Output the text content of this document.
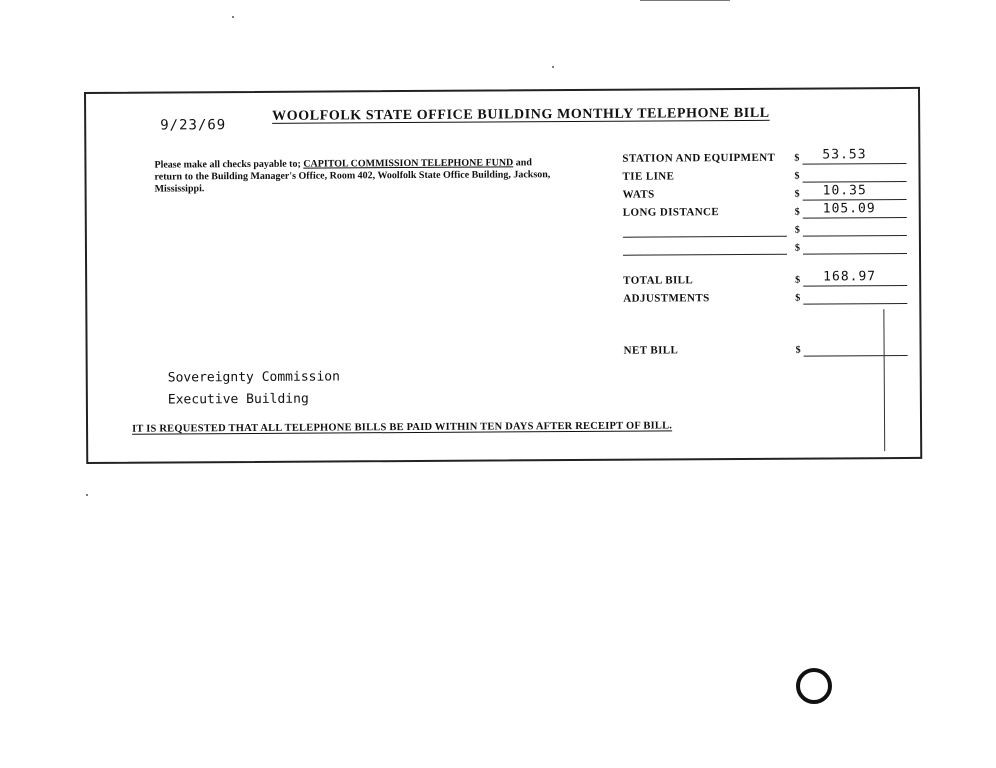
9/23/69
WOOLFOLK STATE OFFICE BUILDING MONTHLY TELEPHONE BILL
Please make all checks payable to; CAPITOL COMMISSION TELEPHONE FUND and return to the Building Manager's Office, Room 402, Woolfolk State Office Building, Jackson, Mississippi.
STATION AND EQUIPMENT $ 53.53
TIE LINE	$
WATS	$ 10.35
LONG DISTANCE	$ 105.09
$
$
TOTAL BILL	$ 168.97
ADJUSTMENTS	$
NET BILL	$
Sovereignty Commission
Executive Building
IT IS REQUESTED THAT ALL TELEPHONE BILLS BE PAID WITHIN TEN DAYS AFTER RECEIPT OF BILL.
